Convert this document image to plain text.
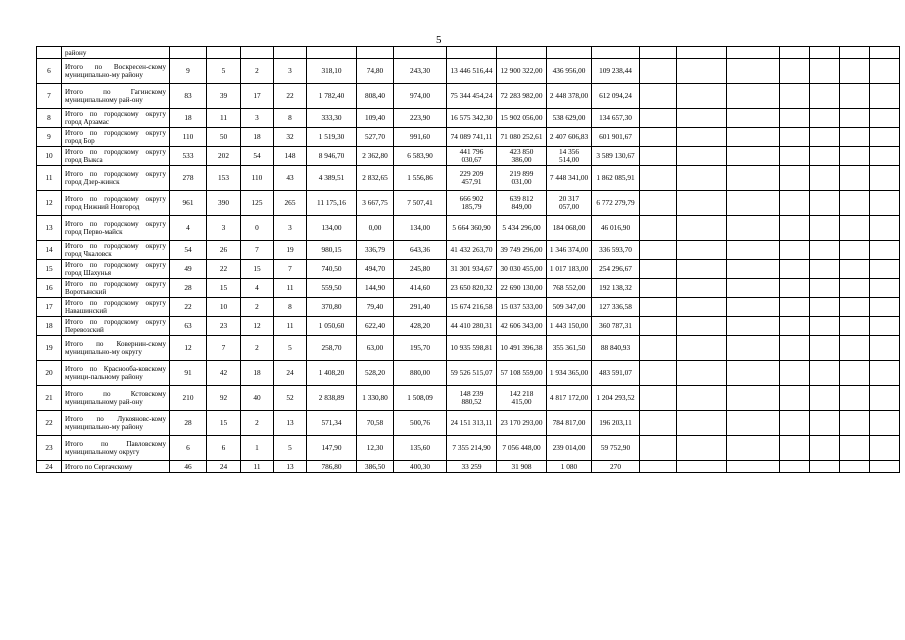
5
	району																		
6	Итого по Воскресен-скому муниципально-му району	9	5	2	3	318,10	74,80	243,30	13 446 516,44	12 900 322,00	436 956,00	109 238,44							
7	Итого по Гагинскому муниципальному рай-ону	83	39	17	22	1 782,40	808,40	974,00	75 344 454,24	72 283 982,00	2 448 378,00	612 094,24							
8	Итого по городскому округу город Арзамас	18	11	3	8	333,30	109,40	223,90	16 575 342,30	15 902 056,00	538 629,00	134 657,30							
9	Итого по городскому округу город Бор	110	50	18	32	1 519,30	527,70	991,60	74 089 741,11	71 080 252,61	2 407 606,83	601 901,67							
10	Итого по городскому округу город Выкса	533	202	54	148	8 946,70	2 362,80	6 583,90	441 796 030,67	423 850 386,00	14 356 514,00	3 589 130,67							
11	Итого по городскому округу город Дзер-жинск	278	153	110	43	4 389,51	2 832,65	1 556,86	229 209 457,91	219 899 031,00	7 448 341,00	1 862 085,91							
12	Итого по городскому округу город Нижний Новгород	961	390	125	265	11 175,16	3 667,75	7 507,41	666 902 185,79	639 812 849,00	20 317 057,00	6 772 279,79							
13	Итого по городскому округу город Перво-майск	4	3	0	3	134,00	0,00	134,00	5 664 360,90	5 434 296,00	184 068,00	46 016,90							
14	Итого по городскому округу город Чкаловск	54	26	7	19	980,15	336,79	643,36	41 432 263,70	39 749 296,00	1 346 374,00	336 593,70							
15	Итого по городскому округу город Шахунья	49	22	15	7	740,50	494,70	245,80	31 301 934,67	30 030 455,00	1 017 183,00	254 296,67							
16	Итого по городскому округу Воротынский	28	15	4	11	559,50	144,90	414,60	23 650 820,32	22 690 130,00	768 552,00	192 138,32							
17	Итого по городскому округу Навашинский	22	10	2	8	370,80	79,40	291,40	15 674 216,58	15 037 533,00	509 347,00	127 336,58							
18	Итого по городскому округу Перевозский	63	23	12	11	1 050,60	622,40	428,20	44 410 280,31	42 606 343,00	1 443 150,00	360 787,31							
19	Итого по Ковернин-скому муниципально-му округу	12	7	2	5	258,70	63,00	195,70	10 935 598,81	10 491 396,38	355 361,50	88 840,93							
20	Итого по Краснооба-ковскому муници-пальному району	91	42	18	24	1 408,20	528,20	880,00	59 526 515,07	57 108 559,00	1 934 365,00	483 591,07							
21	Итого по Кстовскому муниципальному рай-ону	210	92	40	52	2 838,89	1 330,80	1 508,09	148 239 880,52	142 218 415,00	4 817 172,00	1 204 293,52							
22	Итого по Лукояновс-кому муниципально-му району	28	15	2	13	571,34	70,58	500,76	24 151 313,11	23 170 293,00	784 817,00	196 203,11							
23	Итого по Павловскому муниципальному округу	6	6	1	5	147,90	12,30	135,60	7 355 214,90	7 056 448,00	239 014,00	59 752,90							
24	Итого по Сергачскому	46	24	11	13	786,80	386,50	400,30	33 259	31 908	1 080	270							
